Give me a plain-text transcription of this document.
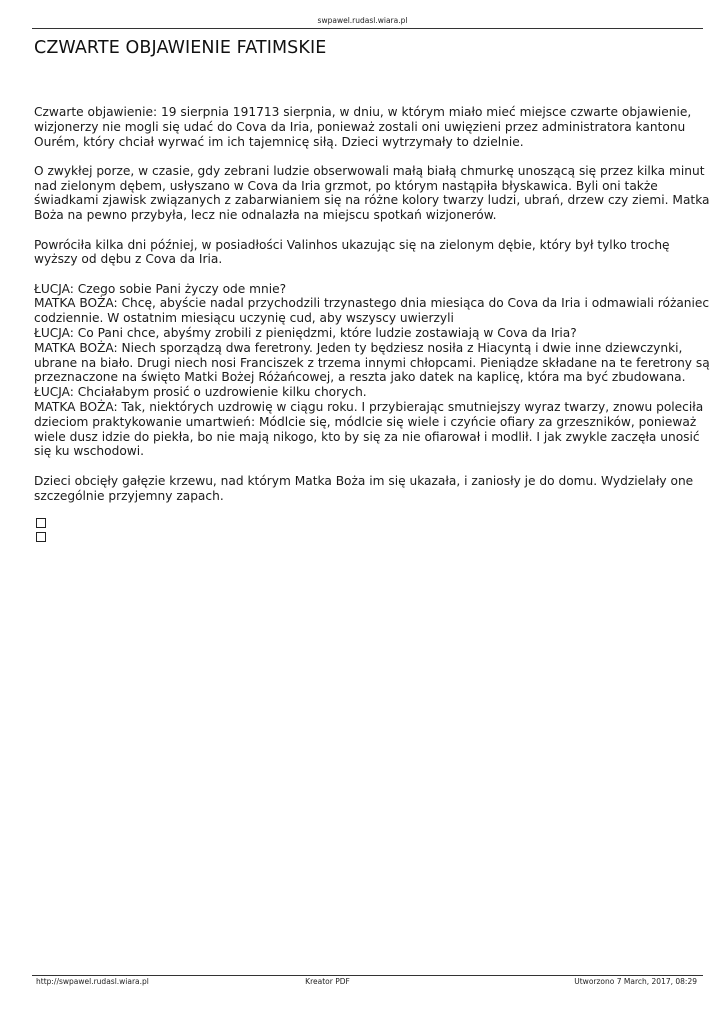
swpawel.rudasl.wiara.pl
CZWARTE OBJAWIENIE FATIMSKIE

Czwarte objawienie: 19 sierpnia 191713 sierpnia, w dniu, w którym miało mieć miejsce czwarte objawienie, wizjonerzy nie mogli się udać do Cova da Iria, ponieważ zostali oni uwięzieni przez administratora kantonu Ourém, który chciał wyrwać im ich tajemnicę siłą. Dzieci wytrzymały to dzielnie.

O zwykłej porze, w czasie, gdy zebrani ludzie obserwowali małą białą chmurkę unoszącą się przez kilka minut nad zielonym dębem, usłyszano w Cova da Iria grzmot, po którym nastąpiła błyskawica. Byli oni także świadkami zjawisk związanych z zabarwianiem się na różne kolory twarzy ludzi, ubrań, drzew czy ziemi. Matka Boża na pewno przybyła, lecz nie odnalazła na miejscu spotkań wizjonerów.

Powróciła kilka dni później, w posiadłości Valinhos ukazując się na zielonym dębie, który był tylko trochę wyższy od dębu z Cova da Iria.

ŁUCJA: Czego sobie Pani życzy ode mnie?
MATKA BOŻA: Chcę, abyście nadal przychodzili trzynastego dnia miesiąca do Cova da Iria i odmawiali różaniec codziennie. W ostatnim miesiącu uczynię cud, aby wszyscy uwierzyli
ŁUCJA: Co Pani chce, abyśmy zrobili z pieniędzmi, które ludzie zostawiają w Cova da Iria?
MATKA BOŻA: Niech sporządzą dwa feretrony. Jeden ty będziesz nosiła z Hiacyntą i dwie inne dziewczynki, ubrane na biało. Drugi niech nosi Franciszek z trzema innymi chłopcami. Pieniądze składane na te feretrony są przeznaczone na święto Matki Bożej Różańcowej, a reszta jako datek na kaplicę, która ma być zbudowana.
ŁUCJA: Chciałabym prosić o uzdrowienie kilku chorych.
MATKA BOŻA: Tak, niektórych uzdrowię w ciągu roku. I przybierając smutniejszy wyraz twarzy, znowu poleciła dzieciom praktykowanie umartwień: Módlcie się, módlcie się wiele i czyńcie ofiary za grzeszników, ponieważ wiele dusz idzie do piekła, bo nie mają nikogo, kto by się za nie ofiarował i modlił. I jak zwykle zaczęła unosić się ku wschodowi.

Dzieci obcięły gałęzie krzewu, nad którym Matka Boża im się ukazała, i zaniosły je do domu. Wydzielały one szczególnie przyjemny zapach.

http://swpawel.rudasl.wiara.pl	Kreator PDF	Utworzono 7 March, 2017, 08:29
